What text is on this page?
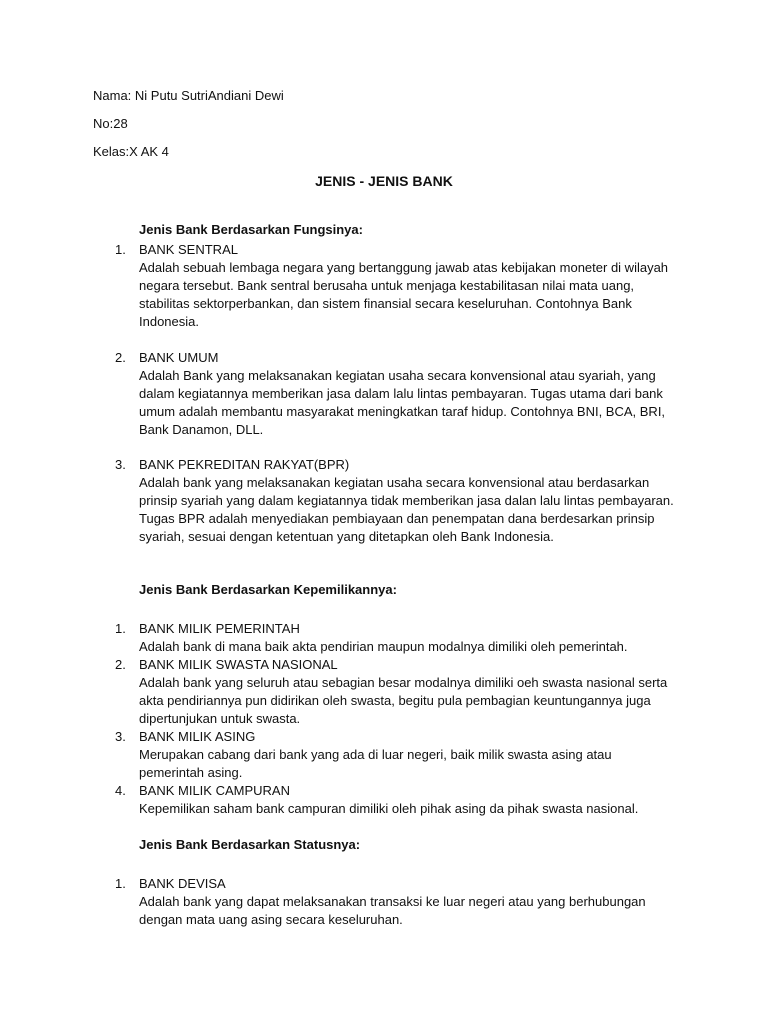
Nama: Ni Putu SutriAndiani Dewi
No:28
Kelas:X AK 4
JENIS - JENIS BANK
Jenis Bank Berdasarkan Fungsinya:
1. BANK SENTRAL
Adalah sebuah lembaga negara yang bertanggung jawab atas kebijakan moneter di wilayah negara tersebut. Bank sentral berusaha untuk menjaga kestabilitasan nilai mata uang, stabilitas sektorperbankan, dan sistem finansial secara keseluruhan. Contohnya Bank Indonesia.
2. BANK UMUM
Adalah Bank yang melaksanakan kegiatan usaha secara konvensional atau syariah, yang dalam kegiatannya memberikan jasa dalam lalu lintas pembayaran. Tugas utama dari bank umum adalah membantu masyarakat meningkatkan taraf hidup. Contohnya BNI, BCA, BRI, Bank Danamon, DLL.
3. BANK PEKREDITAN RAKYAT(BPR)
Adalah bank yang melaksanakan kegiatan usaha secara konvensional atau berdasarkan prinsip syariah yang dalam kegiatannya tidak memberikan jasa dalan lalu lintas pembayaran. Tugas BPR adalah menyediakan pembiayaan dan penempatan dana berdesarkan prinsip syariah, sesuai dengan ketentuan yang ditetapkan oleh Bank Indonesia.
Jenis Bank Berdasarkan Kepemilikannya:
1. BANK MILIK PEMERINTAH
Adalah bank di mana baik akta pendirian maupun modalnya dimiliki oleh pemerintah.
2. BANK MILIK SWASTA NASIONAL
Adalah bank yang seluruh atau sebagian besar modalnya dimiliki oeh swasta nasional serta akta pendiriannya pun didirikan oleh swasta, begitu pula pembagian keuntungannya juga dipertunjukan untuk swasta.
3. BANK MILIK ASING
Merupakan cabang dari bank yang ada di luar negeri, baik milik swasta asing atau pemerintah asing.
4. BANK MILIK CAMPURAN
Kepemilikan saham bank campuran dimiliki oleh pihak asing da pihak swasta nasional.
Jenis Bank Berdasarkan Statusnya:
1. BANK DEVISA
Adalah bank yang dapat melaksanakan transaksi ke luar negeri atau yang berhubungan dengan mata uang asing secara keseluruhan.
